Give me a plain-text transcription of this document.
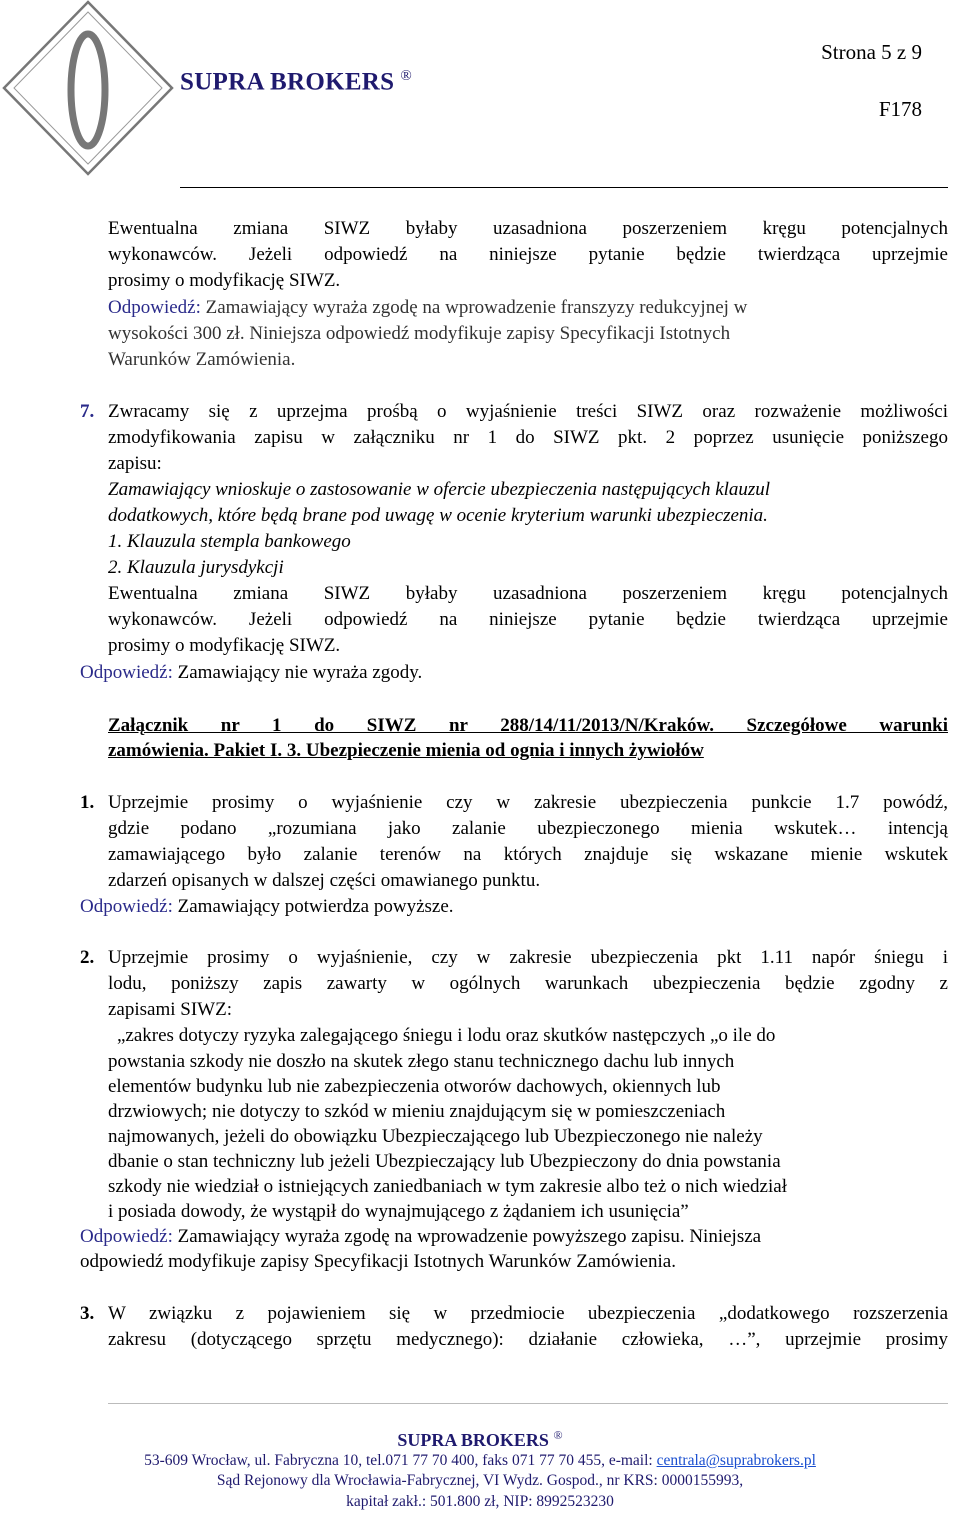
SUPRA BROKERS ®
Strona 5 z 9
F178
Ewentualna zmiana SIWZ byłaby uzasadniona poszerzeniem kręgu potencjalnych
wykonawców. Jeżeli odpowiedź na niniejsze pytanie będzie twierdząca uprzejmie
prosimy o modyfikację SIWZ.
Odpowiedź: Zamawiający wyraża zgodę na wprowadzenie franszyzy redukcyjnej w
wysokości 300 zł. Niniejsza odpowiedź modyfikuje zapisy Specyfikacji Istotnych
Warunków Zamówienia.
7. Zwracamy się z uprzejma prośbą o wyjaśnienie treści SIWZ oraz rozważenie możliwości
zmodyfikowania zapisu w załączniku nr 1 do SIWZ pkt. 2 poprzez usunięcie poniższego
zapisu:
Zamawiający wnioskuje o zastosowanie w ofercie ubezpieczenia następujących klauzul
dodatkowych, które będą brane pod uwagę w ocenie kryterium warunki ubezpieczenia.
1. Klauzula stempla bankowego
2. Klauzula jurysdykcji
Ewentualna zmiana SIWZ byłaby uzasadniona poszerzeniem kręgu potencjalnych
wykonawców. Jeżeli odpowiedź na niniejsze pytanie będzie twierdząca uprzejmie
prosimy o modyfikację SIWZ.
Odpowiedź: Zamawiający nie wyraża zgody.
Załącznik nr 1 do SIWZ nr 288/14/11/2013/N/Kraków. Szczegółowe warunki
zamówienia. Pakiet I. 3. Ubezpieczenie mienia od ognia i innych żywiołów
1. Uprzejmie prosimy o wyjaśnienie czy w zakresie ubezpieczenia punkcie 1.7 powódź,
gdzie podano „rozumiana jako zalanie ubezpieczonego mienia wskutek… intencją
zamawiającego było zalanie terenów na których znajduje się wskazane mienie wskutek
zdarzeń opisanych w dalszej części omawianego punktu.
Odpowiedź: Zamawiający potwierdza powyższe.
2. Uprzejmie prosimy o wyjaśnienie, czy w zakresie ubezpieczenia pkt 1.11 napór śniegu i
lodu, poniższy zapis zawarty w ogólnych warunkach ubezpieczenia będzie zgodny z
zapisami SIWZ:
„zakres dotyczy ryzyka zalegającego śniegu i lodu oraz skutków następczych „o ile do
powstania szkody nie doszło na skutek złego stanu technicznego dachu lub innych
elementów budynku lub nie zabezpieczenia otworów dachowych, okiennych lub
drzwiowych; nie dotyczy to szkód w mieniu znajdującym się w pomieszczeniach
najmowanych, jeżeli do obowiązku Ubezpieczającego lub Ubezpieczonego nie należy
dbanie o stan techniczny lub jeżeli Ubezpieczający lub Ubezpieczony do dnia powstania
szkody nie wiedział o istniejących zaniedbaniach w tym zakresie albo też o nich wiedział
i posiada dowody, że wystąpił do wynajmującego z żądaniem ich usunięcia”
Odpowiedź: Zamawiający wyraża zgodę na wprowadzenie powyższego zapisu. Niniejsza
odpowiedź modyfikuje zapisy Specyfikacji Istotnych Warunków Zamówienia.
3. W związku z pojawieniem się w przedmiocie ubezpieczenia „dodatkowego rozszerzenia
zakresu (dotyczącego sprzętu medycznego): działanie człowieka, …”, uprzejmie prosimy
SUPRA BROKERS ®
53-609 Wrocław, ul. Fabryczna 10, tel.071 77 70 400, faks 071 77 70 455, e-mail: centrala@suprabrokers.pl
Sąd Rejonowy dla Wrocławia-Fabrycznej, VI Wydz. Gospod., nr KRS: 0000155993,
kapitał zakł.: 501.800 zł, NIP: 8992523230
